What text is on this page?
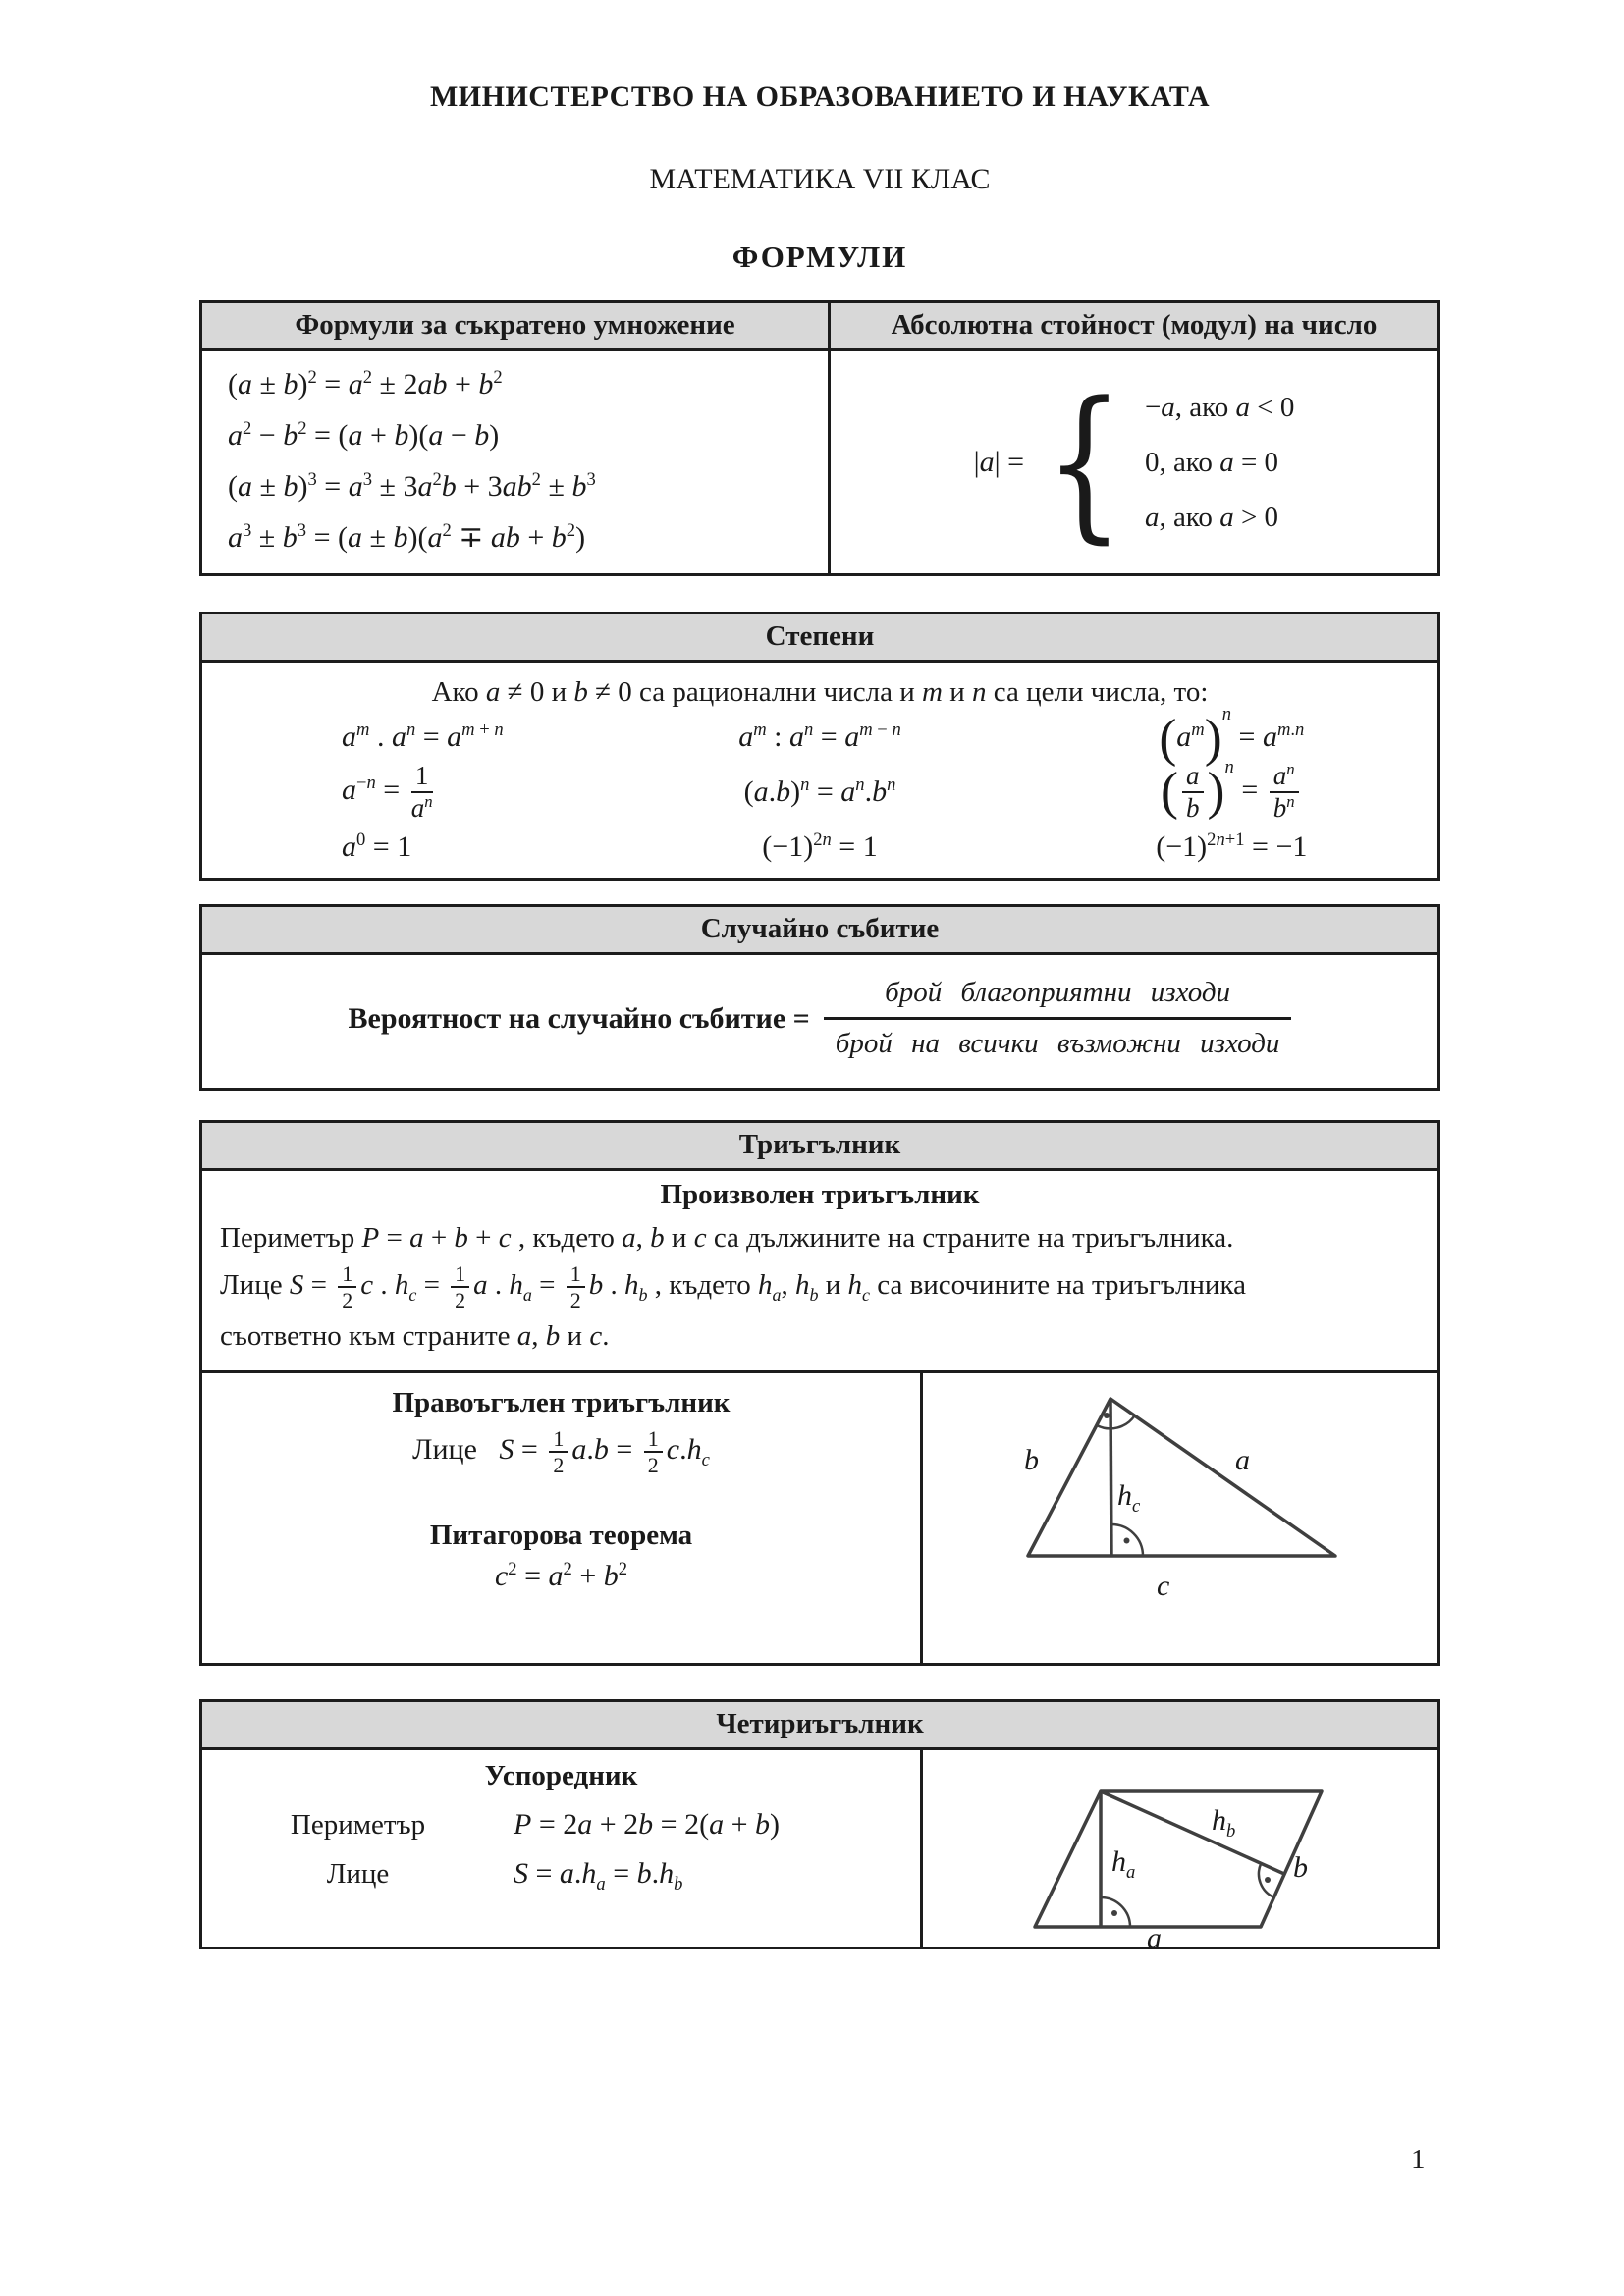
МИНИСТЕРСТВО НА ОБРАЗОВАНИЕТО И НАУКАТА
МАТЕМАТИКА VII КЛАС
ФОРМУЛИ
Формули за съкратено умножение	Абсолютна стойност (модул) на число
$(a \pm b)^2 = a^2 \pm 2ab + b^2$
$a^2 - b^2 = (a + b)(a - b)$
$(a \pm b)^3 = a^3 \pm 3a^2b + 3ab^2 \pm b^3$
$a^3 \pm b^3 = (a \pm b)(a^2$ ∓ ab + $b^2$)
|a| = { −a, ако a < 0
0, ако a = 0
a, ако a > 0
Степени
Ако a ≠ 0 и b ≠ 0 са рационални числа и m и n са цели числа, то:
$a^m$ . $a^n = a^{m + n}$	$a^m$ : $a^n = a^{m - n}$	$(a^m)^n = a^{m.n}$
$a^{-n} = \frac{1}{a^n}$	$(a.b)^n = a^n.b^n$	( $\frac{a}{b} )^n = \frac{a^n}{b^n}$
$a^0 = 1$	$(-1)^{2n} = 1$	$(-1)^{2n+1} = -1$
Случайно събитие
Вероятност на случайно събитие = $\frac{\text{брой благоприятни изходи}}{\text{брой на всички възможни изходи}}$
Триъгълник
Произволен триъгълник
Периметър P = a + b + c , където a, b и c са дължините на страните на триъгълника.
Лице $S = \frac{1}{2}$ c . $h_c = \frac{1}{2}$ a . $h_a = \frac{1}{2}$ b . $h_b$ , където $h_a$, $h_b$ и $h_c$ са височините на триъгълника
съответно към страните a, b и c.
Правоъгълен триъгълник
Лице   $S = \frac{1}{2} a.b = \frac{1}{2} c.h_c$
Питагорова теорема
$c^2 = a^2 + b^2$
b	a
$h_c$
c
Четириъгълник
Успоредник
Периметър	P = 2a + 2b = 2(a + b)
Лице	$S = a.h_a = b.h_b$
$h_b$
b
$h_a$
a
1
